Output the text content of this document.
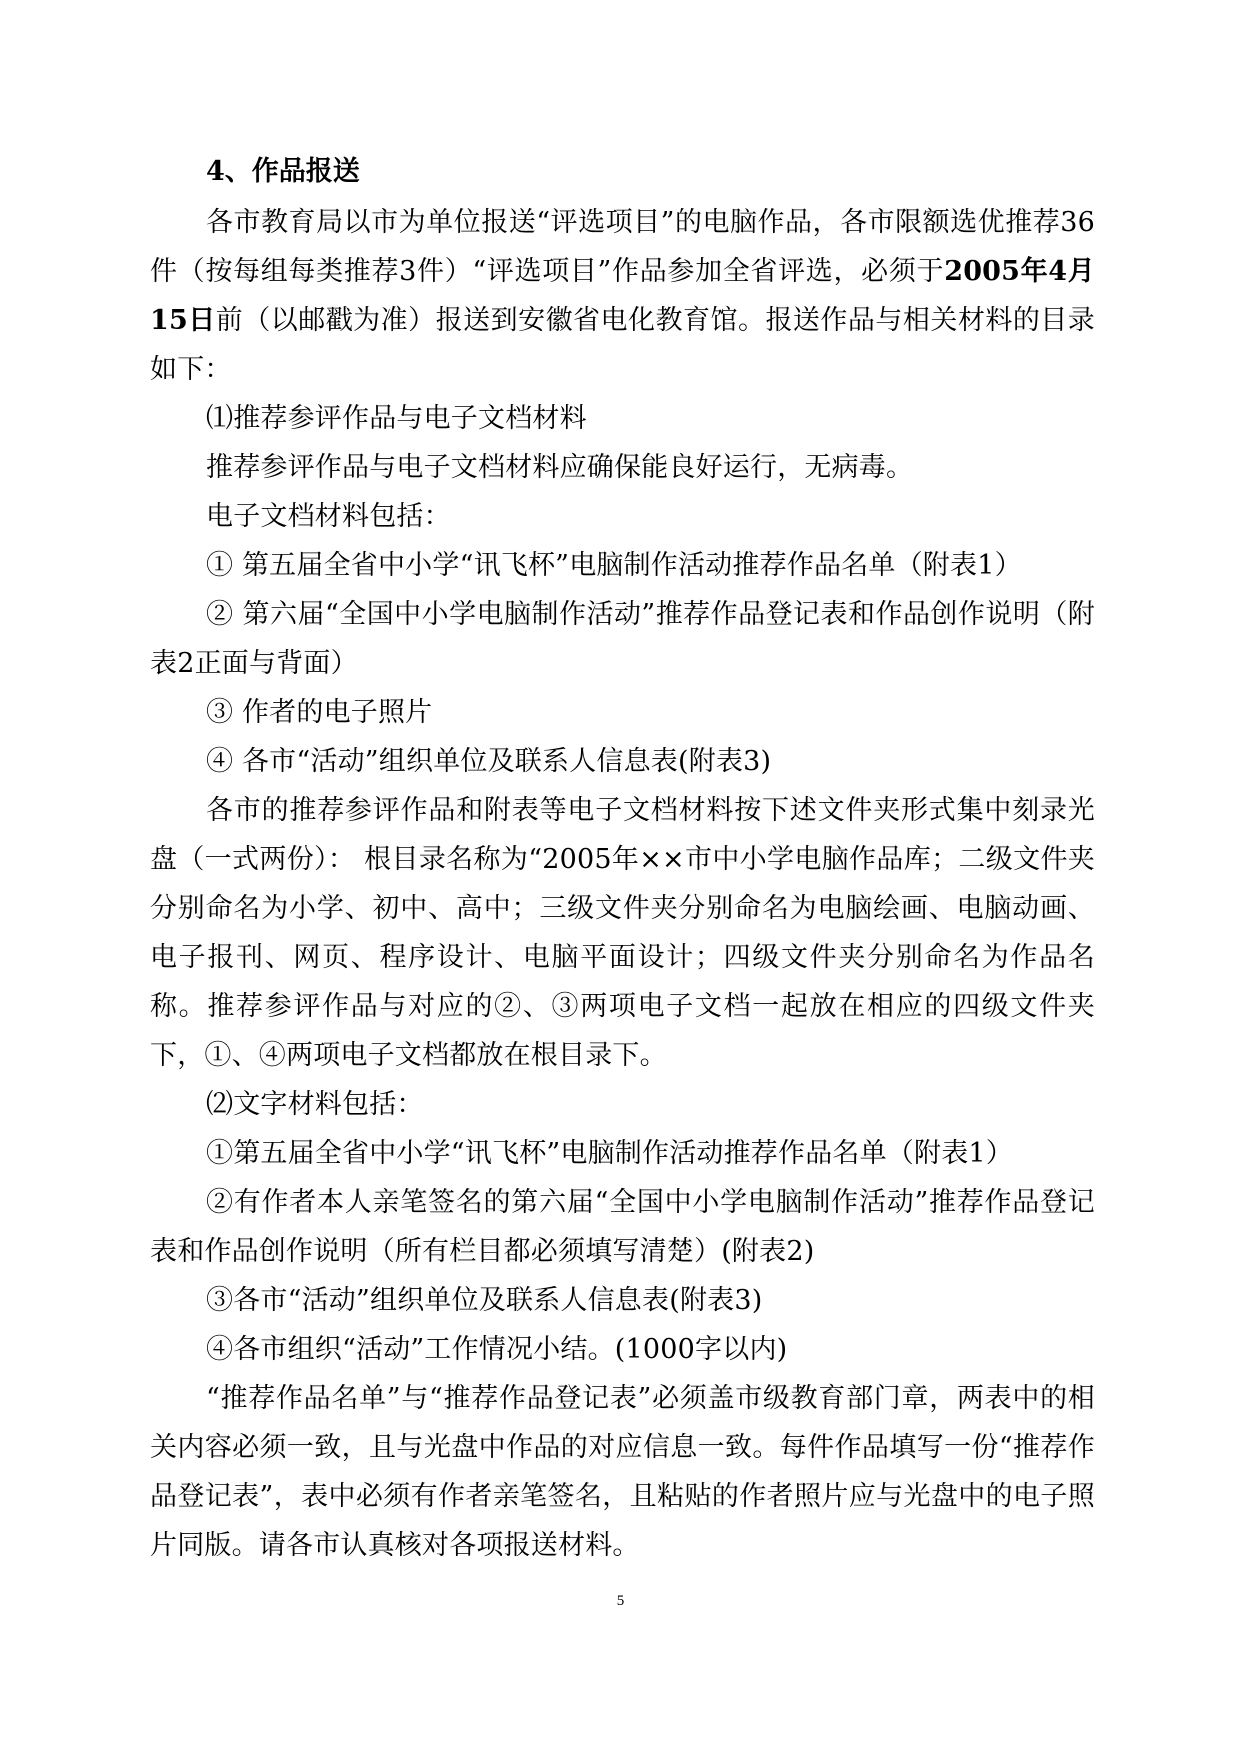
4、作品报送

各市教育局以市为单位报送“评选项目”的电脑作品，各市限额选优推荐36件（按每组每类推荐3件）“评选项目”作品参加全省评选，必须于2005年4月15日前（以邮戳为准）报送到安徽省电化教育馆。报送作品与相关材料的目录如下：

⑴推荐参评作品与电子文档材料

推荐参评作品与电子文档材料应确保能良好运行，无病毒。

电子文档材料包括：

① 第五届全省中小学“讯飞杯”电脑制作活动推荐作品名单（附表1）

② 第六届“全国中小学电脑制作活动”推荐作品登记表和作品创作说明（附表2正面与背面）

③ 作者的电子照片

④ 各市“活动”组织单位及联系人信息表(附表3)

各市的推荐参评作品和附表等电子文档材料按下述文件夹形式集中刻录光盘（一式两份）： 根目录名称为“2005年××市中小学电脑作品库；二级文件夹分别命名为小学、初中、高中；三级文件夹分别命名为电脑绘画、电脑动画、电子报刊、网页、程序设计、电脑平面设计；四级文件夹分别命名为作品名称。推荐参评作品与对应的②、③两项电子文档一起放在相应的四级文件夹下，①、④两项电子文档都放在根目录下。

⑵文字材料包括：

①第五届全省中小学“讯飞杯”电脑制作活动推荐作品名单（附表1）

②有作者本人亲笔签名的第六届“全国中小学电脑制作活动”推荐作品登记表和作品创作说明（所有栏目都必须填写清楚）(附表2)

③各市“活动”组织单位及联系人信息表(附表3)

④各市组织“活动”工作情况小结。(1000字以内)

“推荐作品名单”与“推荐作品登记表”必须盖市级教育部门章，两表中的相关内容必须一致，且与光盘中作品的对应信息一致。每件作品填写一份“推荐作品登记表”，表中必须有作者亲笔签名，且粘贴的作者照片应与光盘中的电子照片同版。请各市认真核对各项报送材料。

5
